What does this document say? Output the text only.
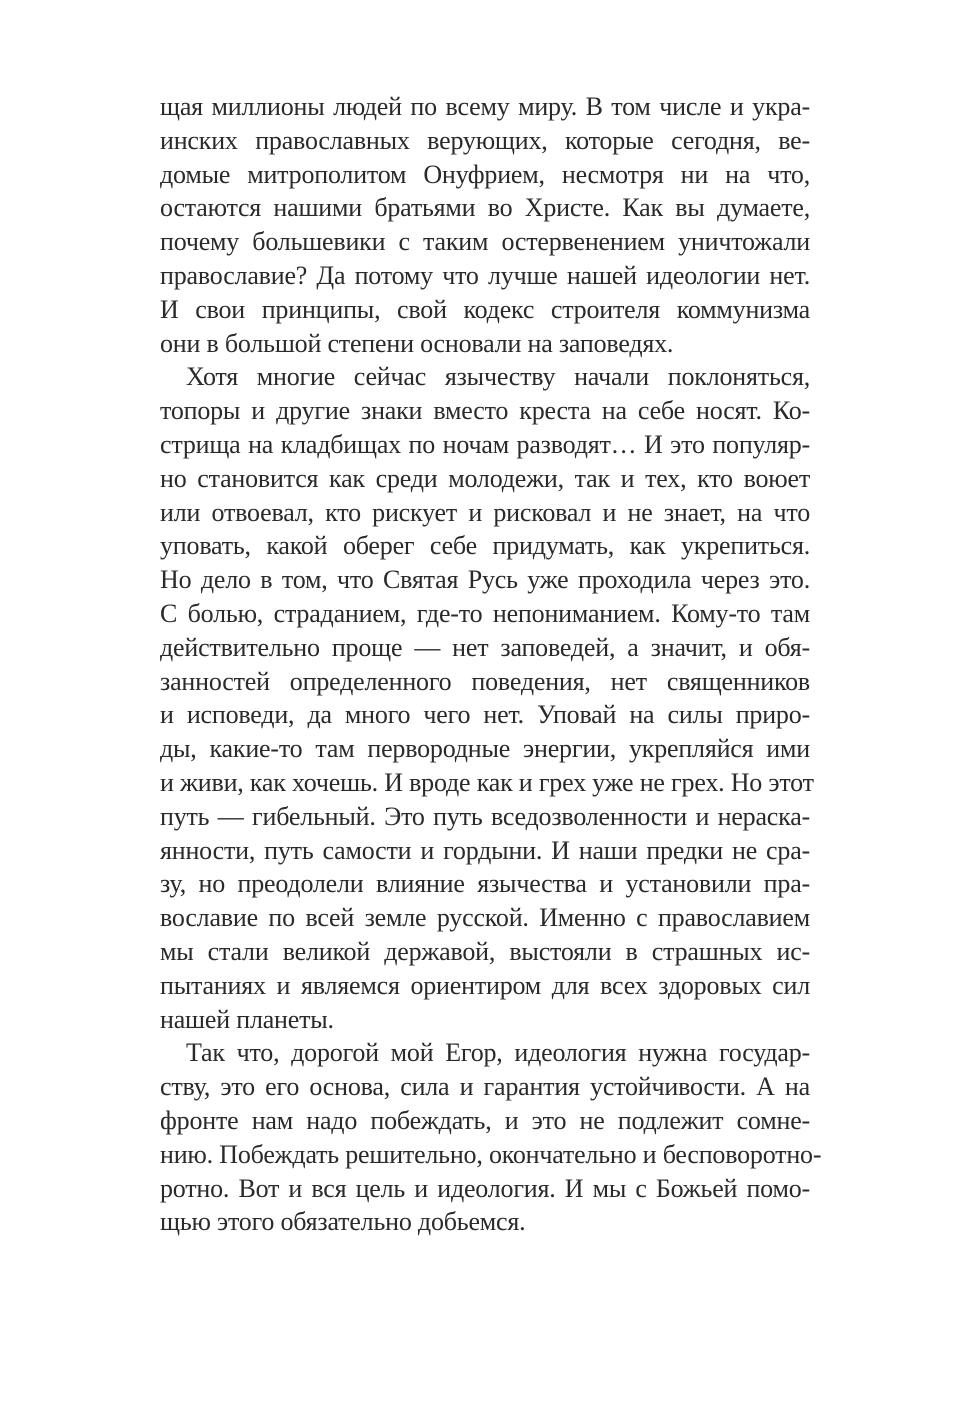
щая миллионы людей по всему миру. В том числе и укра-
инских православных верующих, которые сегодня, ве-
домые митрополитом Онуфрием, несмотря ни на что,
остаются нашими братьями во Христе. Как вы думаете,
почему большевики с таким остервенением уничтожали
православие? Да потому что лучше нашей идеологии нет.
И свои принципы, свой кодекс строителя коммунизма
они в большой степени основали на заповедях.
Хотя многие сейчас язычеству начали поклоняться,
топоры и другие знаки вместо креста на себе носят. Ко-
стрища на кладбищах по ночам разводят… И это популяр-
но становится как среди молодежи, так и тех, кто воюет
или отвоевал, кто рискует и рисковал и не знает, на что
уповать, какой оберег себе придумать, как укрепиться.
Но дело в том, что Святая Русь уже проходила через это.
С болью, страданием, где-то непониманием. Кому-то там
действительно проще — нет заповедей, а значит, и обя-
занностей определенного поведения, нет священников
и исповеди, да много чего нет. Уповай на силы приро-
ды, какие-то там первородные энергии, укрепляйся ими
и живи, как хочешь. И вроде как и грех уже не грех. Но этот
путь — гибельный. Это путь вседозволенности и нераска-
янности, путь самости и гордыни. И наши предки не сра-
зу, но преодолели влияние язычества и установили пра-
вославие по всей земле русской. Именно с православием
мы стали великой державой, выстояли в страшных ис-
пытаниях и являемся ориентиром для всех здоровых сил
нашей планеты.
Так что, дорогой мой Егор, идеология нужна государ-
ству, это его основа, сила и гарантия устойчивости. А на
фронте нам надо побеждать, и это не подлежит сомне-
нию. Побеждать решительно, окончательно и бесповоротно-
ротно. Вот и вся цель и идеология. И мы с Божьей помо-
щью этого обязательно добьемся.
